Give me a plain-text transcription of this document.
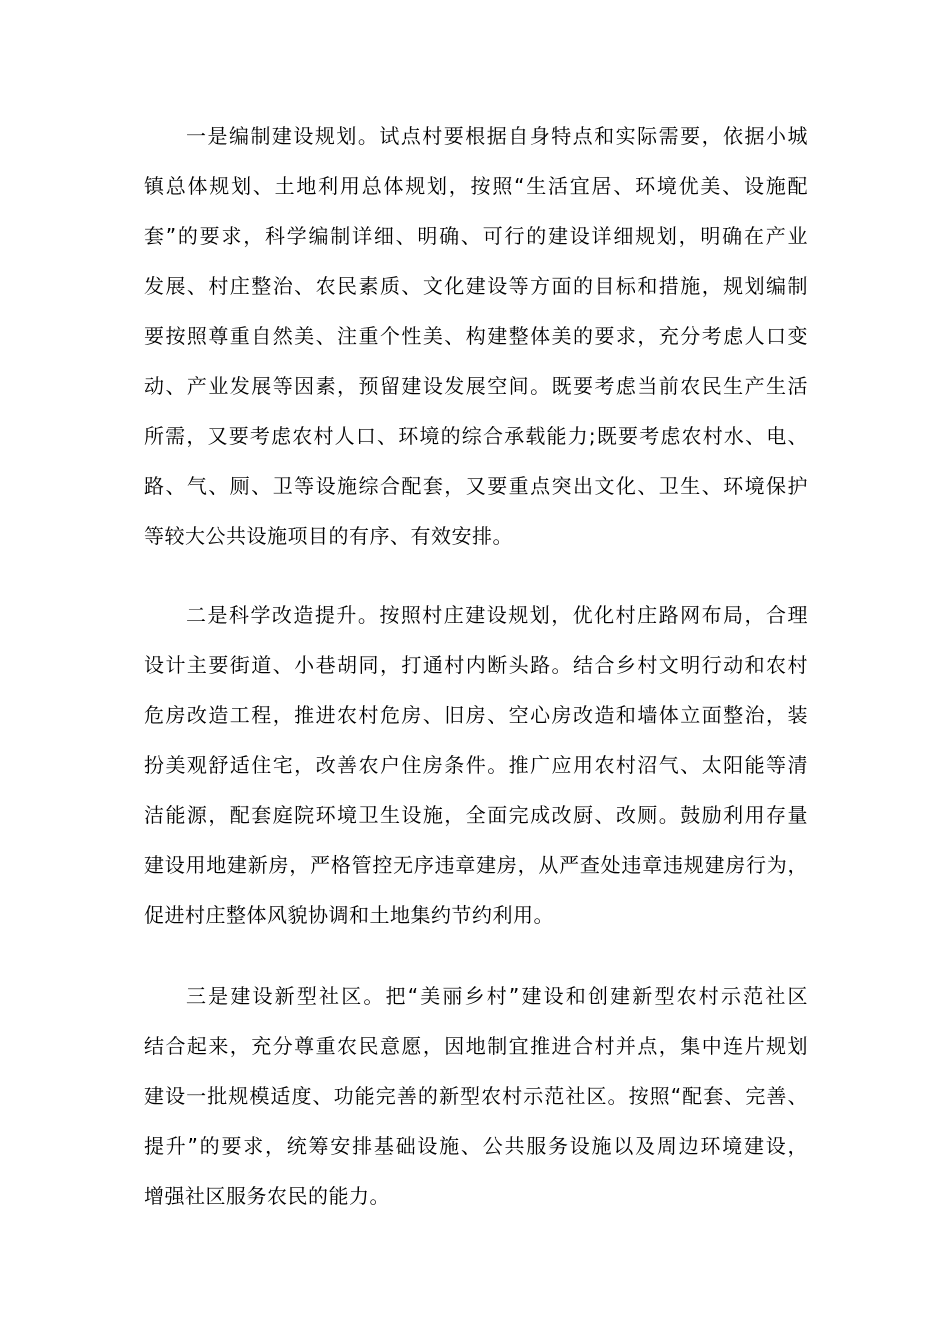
一是编制建设规划。试点村要根据自身特点和实际需要，依据小城
镇总体规划、土地利用总体规划，按照“生活宜居、环境优美、设施配
套”的要求，科学编制详细、明确、可行的建设详细规划，明确在产业
发展、村庄整治、农民素质、文化建设等方面的目标和措施，规划编制
要按照尊重自然美、注重个性美、构建整体美的要求，充分考虑人口变
动、产业发展等因素，预留建设发展空间。既要考虑当前农民生产生活
所需，又要考虑农村人口、环境的综合承载能力;既要考虑农村水、电、
路、气、厕、卫等设施综合配套，又要重点突出文化、卫生、环境保护
等较大公共设施项目的有序、有效安排。
二是科学改造提升。按照村庄建设规划，优化村庄路网布局，合理
设计主要街道、小巷胡同，打通村内断头路。结合乡村文明行动和农村
危房改造工程，推进农村危房、旧房、空心房改造和墙体立面整治，装
扮美观舒适住宅，改善农户住房条件。推广应用农村沼气、太阳能等清
洁能源，配套庭院环境卫生设施，全面完成改厨、改厕。鼓励利用存量
建设用地建新房，严格管控无序违章建房，从严查处违章违规建房行为，
促进村庄整体风貌协调和土地集约节约利用。
三是建设新型社区。把“美丽乡村”建设和创建新型农村示范社区
结合起来，充分尊重农民意愿，因地制宜推进合村并点，集中连片规划
建设一批规模适度、功能完善的新型农村示范社区。按照“配套、完善、
提升”的要求，统筹安排基础设施、公共服务设施以及周边环境建设，
增强社区服务农民的能力。
